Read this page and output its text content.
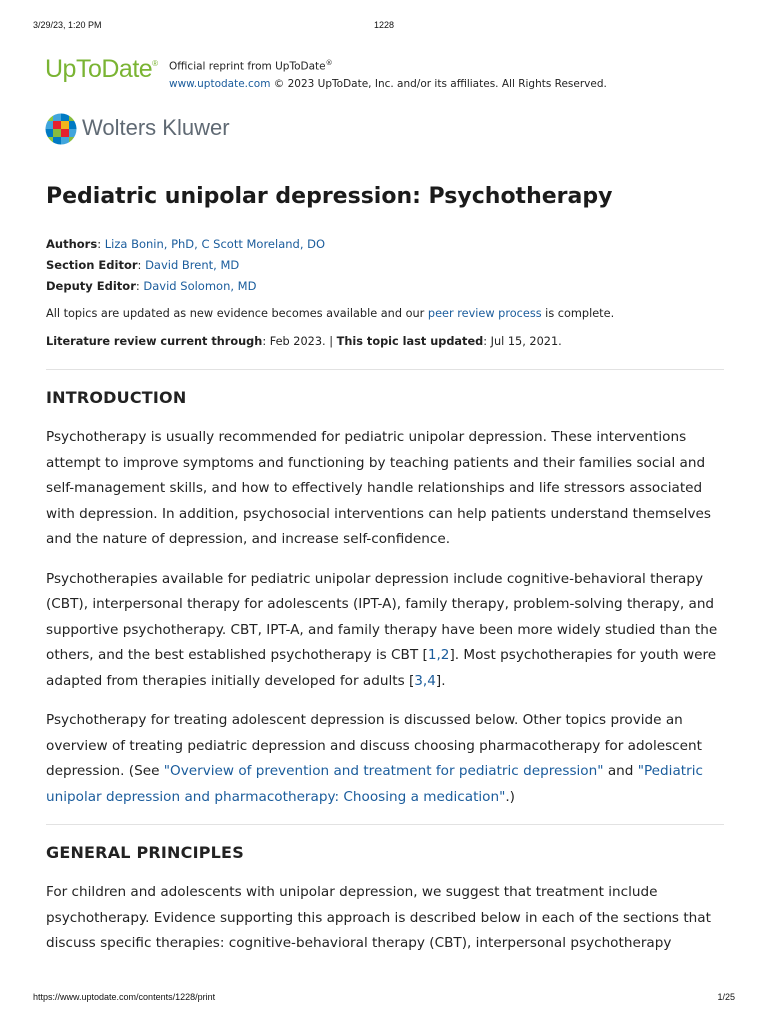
3/29/23, 1:20 PM	1228
UpToDate® Official reprint from UpToDate®
www.uptodate.com © 2023 UpToDate, Inc. and/or its affiliates. All Rights Reserved.
Wolters Kluwer
Pediatric unipolar depression: Psychotherapy
Authors: Liza Bonin, PhD, C Scott Moreland, DO
Section Editor: David Brent, MD
Deputy Editor: David Solomon, MD
All topics are updated as new evidence becomes available and our peer review process is complete.
Literature review current through: Feb 2023. | This topic last updated: Jul 15, 2021.
INTRODUCTION

Psychotherapy is usually recommended for pediatric unipolar depression. These interventions attempt to improve symptoms and functioning by teaching patients and their families social and self-management skills, and how to effectively handle relationships and life stressors associated with depression. In addition, psychosocial interventions can help patients understand themselves and the nature of depression, and increase self-confidence.

Psychotherapies available for pediatric unipolar depression include cognitive-behavioral therapy (CBT), interpersonal therapy for adolescents (IPT-A), family therapy, problem-solving therapy, and supportive psychotherapy. CBT, IPT-A, and family therapy have been more widely studied than the others, and the best established psychotherapy is CBT [1,2]. Most psychotherapies for youth were adapted from therapies initially developed for adults [3,4].

Psychotherapy for treating adolescent depression is discussed below. Other topics provide an overview of treating pediatric depression and discuss choosing pharmacotherapy for adolescent depression. (See "Overview of prevention and treatment for pediatric depression" and "Pediatric unipolar depression and pharmacotherapy: Choosing a medication".)

GENERAL PRINCIPLES

For children and adolescents with unipolar depression, we suggest that treatment include psychotherapy. Evidence supporting this approach is described below in each of the sections that discuss specific therapies: cognitive-behavioral therapy (CBT), interpersonal psychotherapy

https://www.uptodate.com/contents/1228/print	1/25
